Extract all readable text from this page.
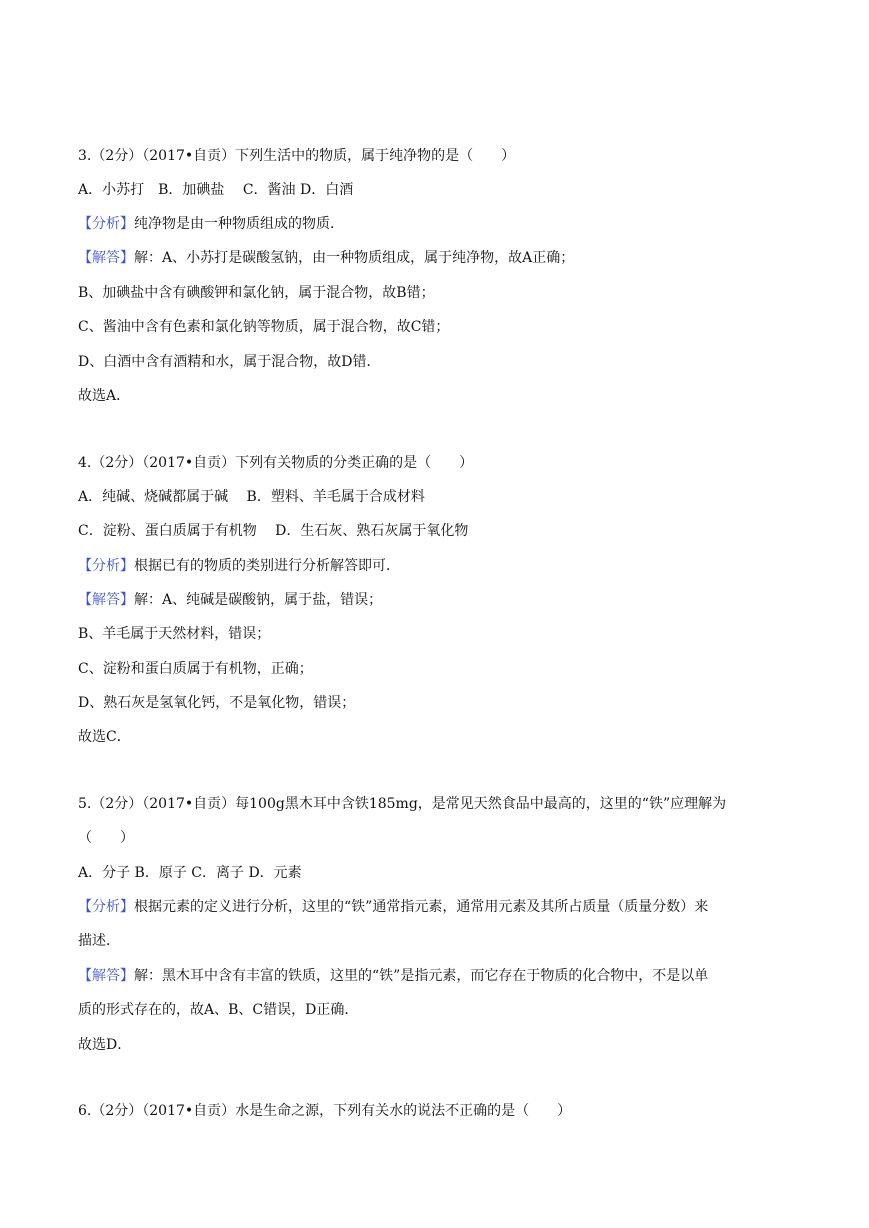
3.（2分）（2017•自贡）下列生活中的物质，属于纯净物的是（　　）
A．小苏打　B．加碘盐　 C．酱油 D．白酒
【分析】纯净物是由一种物质组成的物质．
【解答】解：A、小苏打是碳酸氢钠，由一种物质组成，属于纯净物，故A正确；
B、加碘盐中含有碘酸钾和氯化钠，属于混合物，故B错；
C、酱油中含有色素和氯化钠等物质，属于混合物，故C错；
D、白酒中含有酒精和水，属于混合物，故D错．
故选A．
4.（2分）（2017•自贡）下列有关物质的分类正确的是（　　）
A．纯碱、烧碱都属于碱　 B．塑料、羊毛属于合成材料
C．淀粉、蛋白质属于有机物　 D．生石灰、熟石灰属于氧化物
【分析】根据已有的物质的类别进行分析解答即可．
【解答】解：A、纯碱是碳酸钠，属于盐，错误；
B、羊毛属于天然材料，错误；
C、淀粉和蛋白质属于有机物，正确；
D、熟石灰是氢氧化钙，不是氧化物，错误；
故选C．
5.（2分）（2017•自贡）每100g黑木耳中含铁185mg，是常见天然食品中最高的，这里的“铁”应理解为
（　　）
A．分子 B．原子 C．离子 D．元素
【分析】根据元素的定义进行分析，这里的“铁”通常指元素，通常用元素及其所占质量（质量分数）来
描述．
【解答】解：黑木耳中含有丰富的铁质，这里的“铁”是指元素，而它存在于物质的化合物中，不是以单
质的形式存在的，故A、B、C错误，D正确．
故选D．
6.（2分）（2017•自贡）水是生命之源，下列有关水的说法不正确的是（　　）
